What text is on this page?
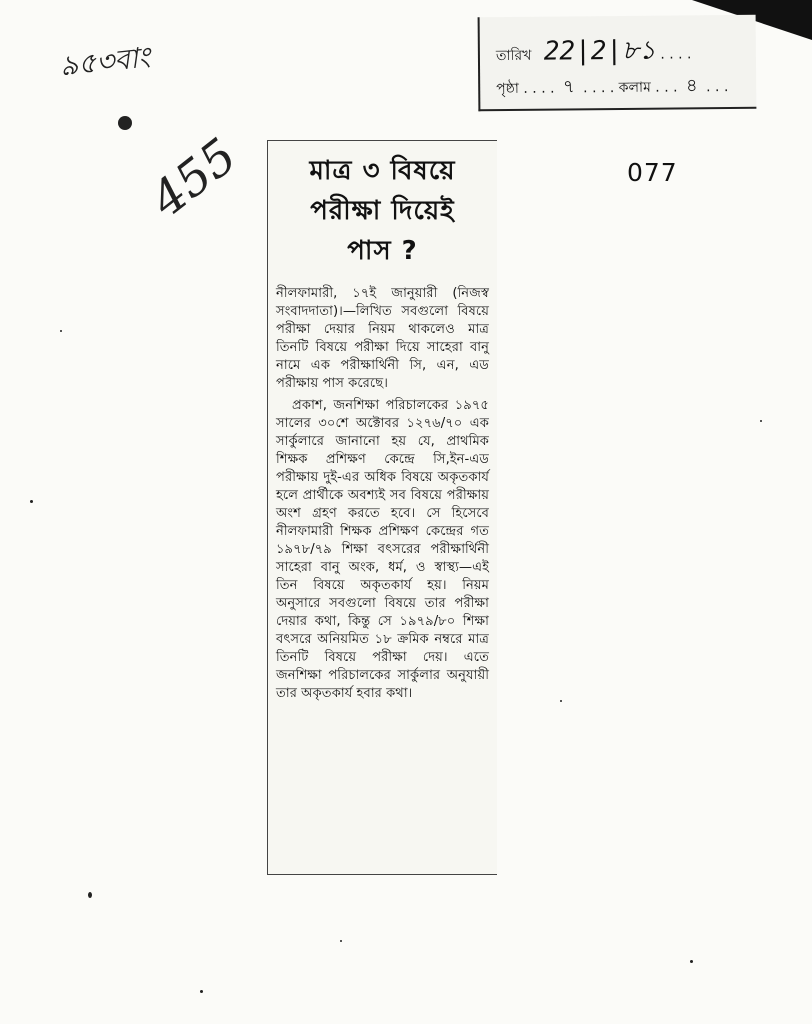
৯৫৩বাং
455
তারিখ 22|2|৮১ . . . .
পৃষ্ঠা . . . . ৭ . . . . কলাম . . . ৪ . . .
077
মাত্র ৩ বিষয়ে
পরীক্ষা দিয়েই
পাস ?

নীলফামারী, ১৭ই জানুয়ারী (নিজস্ব সংবাদদাতা)।—লিখিত সবগুলো বিষয়ে পরীক্ষা দেয়ার নিয়ম থাকলেও মাত্র তিনটি বিষয়ে পরীক্ষা দিয়ে সাহেরা বানু নামে এক পরীক্ষার্থিনী সি, এন, এড পরীক্ষায় পাস করেছে।

প্রকাশ, জনশিক্ষা পরিচালকের ১৯৭৫ সালের ৩০শে অক্টোবর ১২৭৬/৭০ এক সার্কুলারে জানানো হয় যে, প্রাথমিক শিক্ষক প্রশিক্ষণ কেন্দ্রে সি,ইন-এড পরীক্ষায় দুই-এর অধিক বিষয়ে অকৃতকার্য হলে প্রার্থীকে অবশ্যই সব বিষয়ে পরীক্ষায় অংশ গ্রহণ করতে হবে। সে হিসেবে নীলফামারী শিক্ষক প্রশিক্ষণ কেন্দ্রের গত ১৯৭৮/৭৯ শিক্ষা বৎসরের পরীক্ষার্থিনী সাহেরা বানু অংক, ধর্ম, ও স্বাস্থ্য—এই তিন বিষয়ে অকৃতকার্য হয়। নিয়ম অনুসারে সবগুলো বিষয়ে তার পরীক্ষা দেয়ার কথা, কিন্তু সে ১৯৭৯/৮০ শিক্ষা বৎসরে অনিয়মিত ১৮ ক্রমিক নম্বরে মাত্র তিনটি বিষয়ে পরীক্ষা দেয়। এতে জনশিক্ষা পরিচালকের সার্কুলার অনুযায়ী তার অকৃতকার্য হবার কথা।
